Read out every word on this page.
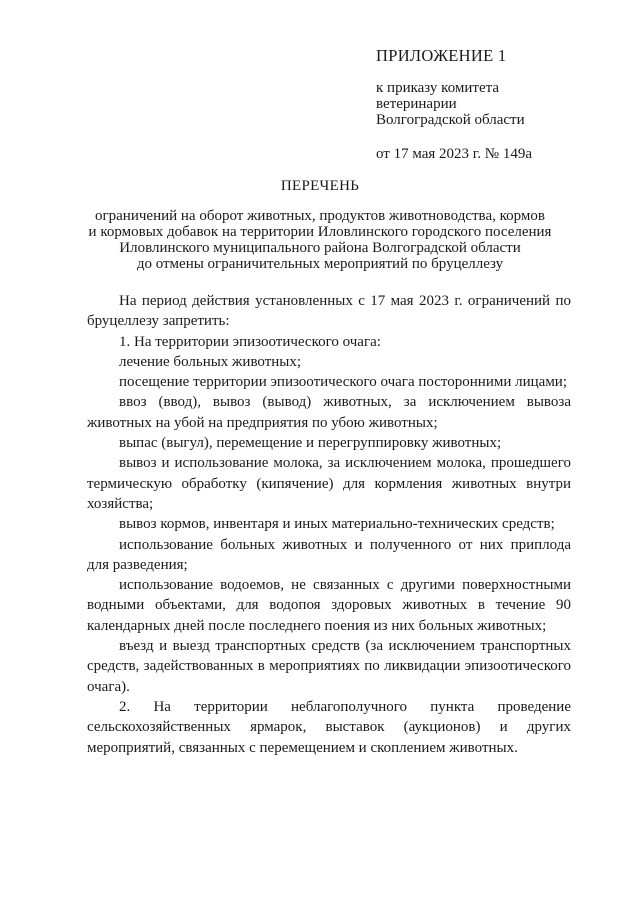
ПРИЛОЖЕНИЕ 1
к приказу комитета
ветеринарии
Волгоградской области
от 17 мая 2023 г. № 149а
ПЕРЕЧЕНЬ
ограничений на оборот животных, продуктов животноводства, кормов
и кормовых добавок на территории Иловлинского городского поселения
Иловлинского муниципального района Волгоградской области
до отмены ограничительных мероприятий по бруцеллезу

На период действия установленных с 17 мая 2023 г. ограничений по бруцеллезу запретить:

1. На территории эпизоотического очага:

лечение больных животных;

посещение территории эпизоотического очага посторонними лицами;

ввоз (ввод), вывоз (вывод) животных, за исключением вывоза животных на убой на предприятия по убою животных;

выпас (выгул), перемещение и перегруппировку животных;

вывоз и использование молока, за исключением молока, прошедшего термическую обработку (кипячение) для кормления животных внутри хозяйства;

вывоз кормов, инвентаря и иных материально-технических средств;

использование больных животных и полученного от них приплода для разведения;

использование водоемов, не связанных с другими поверхностными водными объектами, для водопоя здоровых животных в течение 90 календарных дней после последнего поения из них больных животных;

въезд и выезд транспортных средств (за исключением транспортных средств, задействованных в мероприятиях по ликвидации эпизоотического очага).

2. На территории неблагополучного пункта проведение сельскохозяйственных ярмарок, выставок (аукционов) и других мероприятий, связанных с перемещением и скоплением животных.
